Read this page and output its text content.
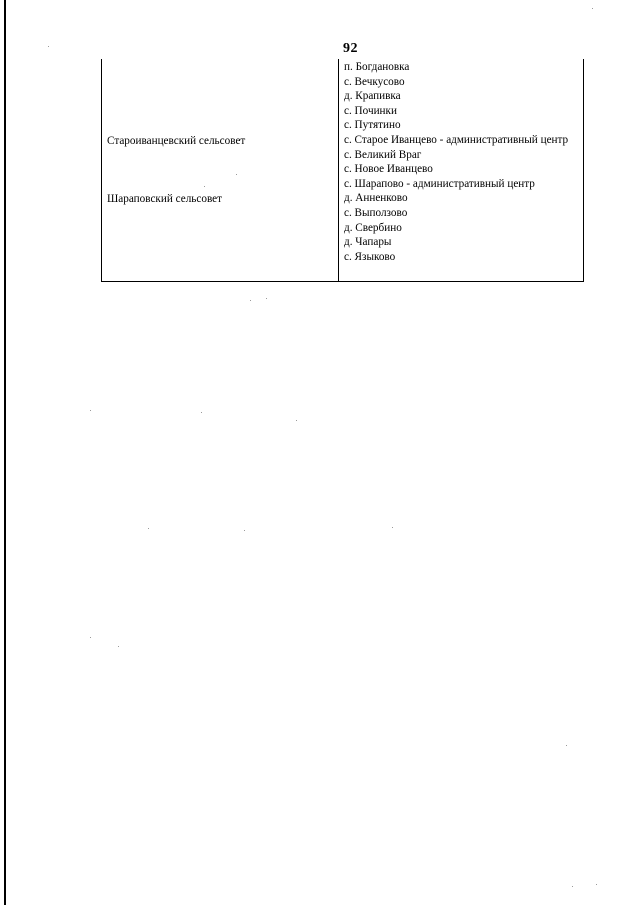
92
Староиванцевский сельсовет
Шараповский сельсовет
п. Богдановка
с. Вечкусово
д. Крапивка
с. Починки
с. Путятино
с. Старое Иванцево - административный центр
с. Великий Враг
с. Новое Иванцево
с. Шарапово - административный центр
д. Анненково
с. Выползово
д. Свербино
д. Чапары
с. Языково
